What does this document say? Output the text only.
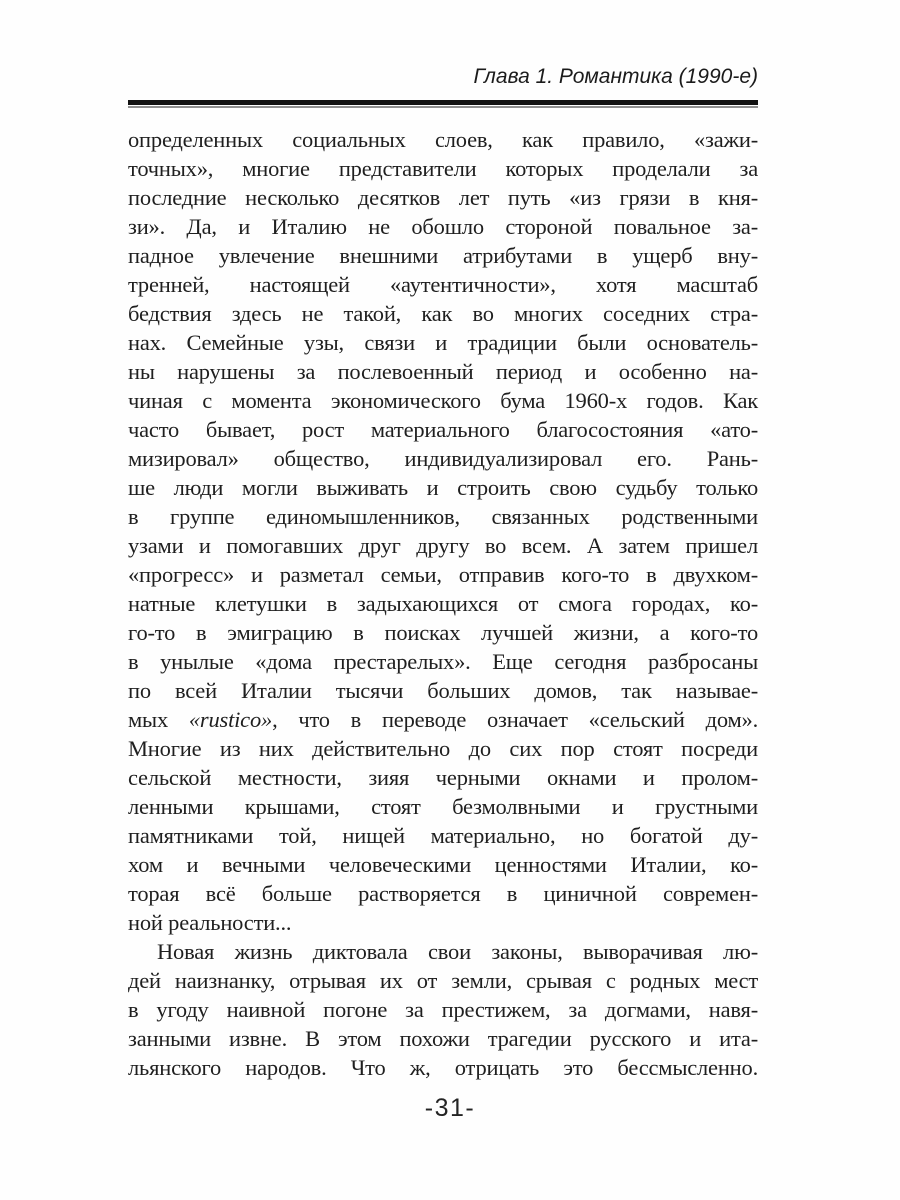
Глава 1. Романтика (1990-е)
определенных социальных слоев, как правило, «зажи-
точных», многие представители которых проделали за
последние несколько десятков лет путь «из грязи в кня-
зи». Да, и Италию не обошло стороной повальное за-
падное увлечение внешними атрибутами в ущерб вну-
тренней, настоящей «аутентичности», хотя масштаб
бедствия здесь не такой, как во многих соседних стра-
нах. Семейные узы, связи и традиции были основатель-
ны нарушены за послевоенный период и особенно на-
чиная с момента экономического бума 1960-х годов. Как
часто бывает, рост материального благосостояния «ато-
мизировал» общество, индивидуализировал его. Рань-
ше люди могли выживать и строить свою судьбу только
в группе единомышленников, связанных родственными
узами и помогавших друг другу во всем. А затем пришел
«прогресс» и разметал семьи, отправив кого-то в двухком-
натные клетушки в задыхающихся от смога городах, ко-
го-то в эмиграцию в поисках лучшей жизни, а кого-то
в унылые «дома престарелых». Еще сегодня разбросаны
по всей Италии тысячи больших домов, так называе-
мых «rustico», что в переводе означает «сельский дом».
Многие из них действительно до сих пор стоят посреди
сельской местности, зияя черными окнами и пролом-
ленными крышами, стоят безмолвными и грустными
памятниками той, нищей материально, но богатой ду-
хом и вечными человеческими ценностями Италии, ко-
торая всё больше растворяется в циничной современ-
ной реальности...
Новая жизнь диктовала свои законы, выворачивая лю-
дей наизнанку, отрывая их от земли, срывая с родных мест
в угоду наивной погоне за престижем, за догмами, навя-
занными извне. В этом похожи трагедии русского и ита-
льянского народов. Что ж, отрицать это бессмысленно.
-31-
